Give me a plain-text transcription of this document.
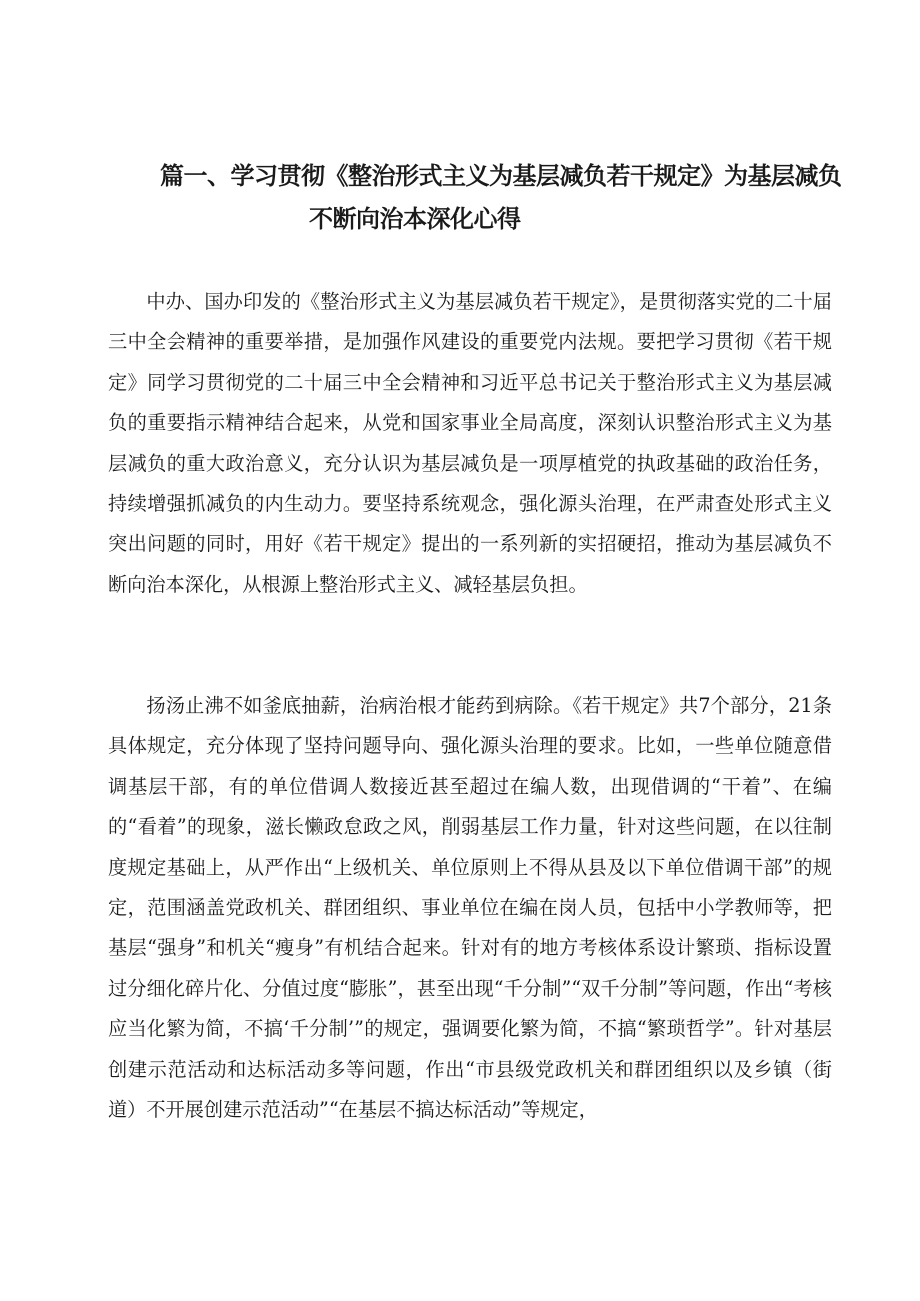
篇一、学习贯彻《整治形式主义为基层减负若干规定》为基层减负
不断向治本深化心得

中办、国办印发的《整治形式主义为基层减负若干规定》，是贯彻落实党的二十届三中全会精神的重要举措，是加强作风建设的重要党内法规。要把学习贯彻《若干规定》同学习贯彻党的二十届三中全会精神和习近平总书记关于整治形式主义为基层减负的重要指示精神结合起来，从党和国家事业全局高度，深刻认识整治形式主义为基层减负的重大政治意义，充分认识为基层减负是一项厚植党的执政基础的政治任务，持续增强抓减负的内生动力。要坚持系统观念，强化源头治理，在严肃查处形式主义突出问题的同时，用好《若干规定》提出的一系列新的实招硬招，推动为基层减负不断向治本深化，从根源上整治形式主义、减轻基层负担。

扬汤止沸不如釜底抽薪，治病治根才能药到病除。《若干规定》共7个部分，21条具体规定，充分体现了坚持问题导向、强化源头治理的要求。比如，一些单位随意借调基层干部，有的单位借调人数接近甚至超过在编人数，出现借调的“干着”、在编的“看着”的现象，滋长懒政怠政之风，削弱基层工作力量，针对这些问题，在以往制度规定基础上，从严作出“上级机关、单位原则上不得从县及以下单位借调干部”的规定，范围涵盖党政机关、群团组织、事业单位在编在岗人员，包括中小学教师等，把基层“强身”和机关“瘦身”有机结合起来。针对有的地方考核体系设计繁琐、指标设置过分细化碎片化、分值过度“膨胀”，甚至出现“千分制”“双千分制”等问题，作出“考核应当化繁为简，不搞‘千分制’”的规定，强调要化繁为简，不搞“繁琐哲学”。针对基层创建示范活动和达标活动多等问题，作出“市县级党政机关和群团组织以及乡镇（街道）不开展创建示范活动”“在基层不搞达标活动”等规定，
